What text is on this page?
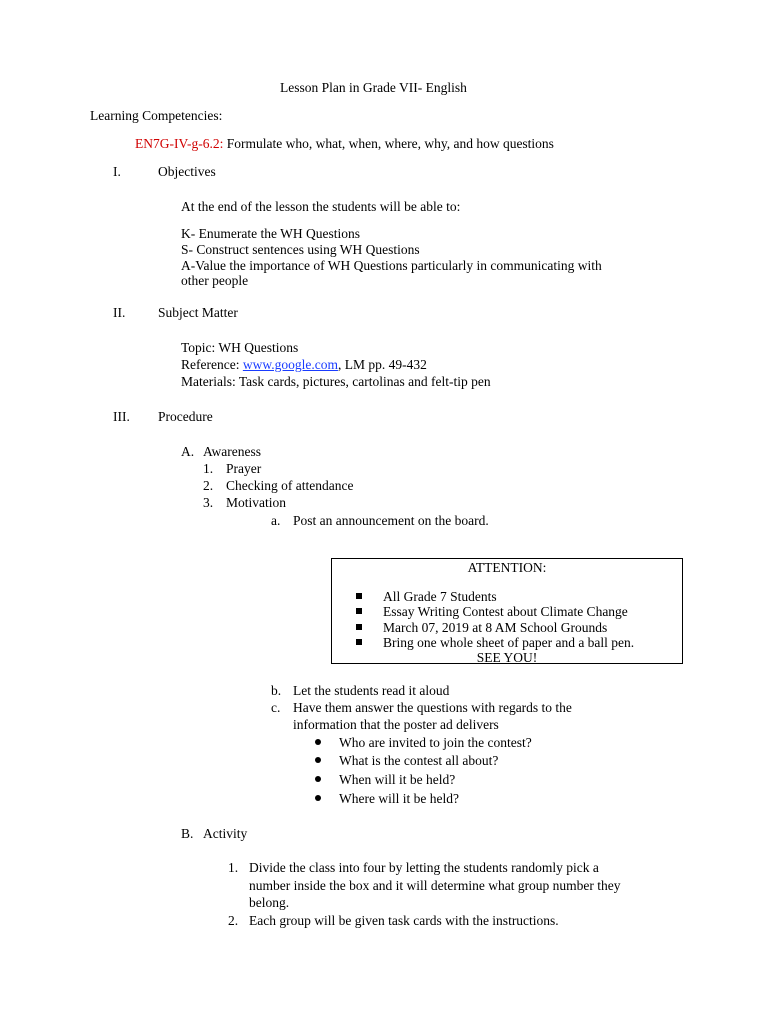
Lesson Plan in Grade VII- English
Learning Competencies:
EN7G-IV-g-6.2: Formulate who, what, when, where, why, and how questions
I.	Objectives
At the end of the lesson the students will be able to:
K- Enumerate the WH Questions
S- Construct sentences using WH Questions
A-Value the importance of WH Questions particularly in communicating with
other people
II. Subject Matter
Topic: WH Questions
Reference: www.google.com, LM pp. 49-432
Materials: Task cards, pictures, cartolinas and felt-tip pen
III. Procedure
A. Awareness
1. Prayer
2. Checking of attendance
3. Motivation
a. Post an announcement on the board.
ATTENTION:
All Grade 7 Students
Essay Writing Contest about Climate Change
March 07, 2019 at 8 AM School Grounds
Bring one whole sheet of paper and a ball pen.
SEE YOU!
b. Let the students read it aloud
c. Have them answer the questions with regards to the
information that the poster ad delivers
Who are invited to join the contest?
What is the contest all about?
When will it be held?
Where will it be held?
B. Activity
1. Divide the class into four by letting the students randomly pick a
number inside the box and it will determine what group number they
belong.
2. Each group will be given task cards with the instructions.
